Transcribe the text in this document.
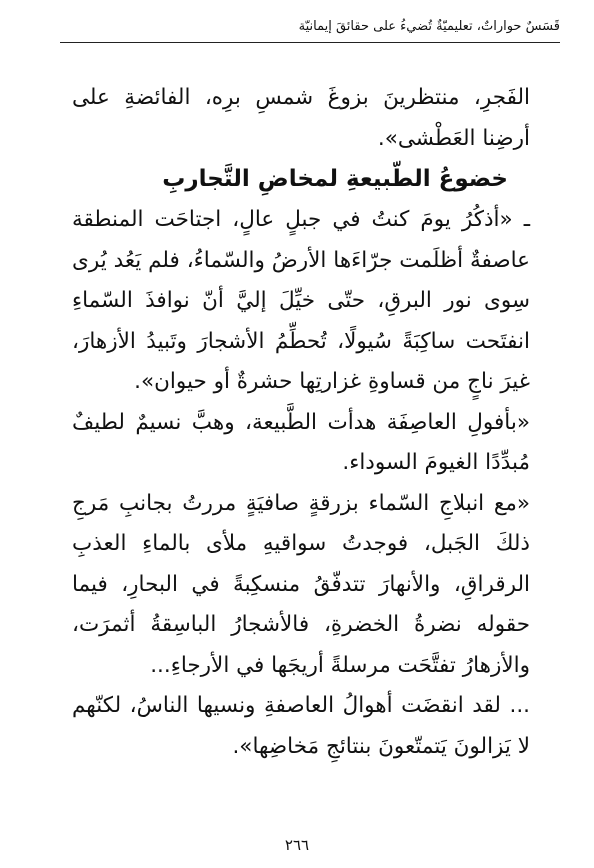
قَسَسٌ حواراتٌ، تعليميّةٌ تُضيءُ على حقائقَ إيمانيّة

الفَجرِ، منتظرينَ بزوغَ شمسِ برِه، الفائضةِ على أرضِنا العَطْشى».

خضوعُ الطّبيعةِ لمخاضِ التَّجاربِ

ـ «أذكُرُ يومَ كنتُ في جبلٍ عالٍ، اجتاحَت المنطقة عاصفةٌ أظلَمت جرّاءَها الأرضُ والسّماءُ، فلم يَعُد يُرى سِوى نور البرقِ، حتّى خيِّلَ إليَّ أنّ نوافذَ السّماءِ انفتَحت ساكِبَةً سُيولًا، تُحطِّمُ الأشجارَ وتَبيدُ الأزهارَ، غيرَ ناجٍ من قساوةِ غزارتِها حشرةٌ أو حيوان».

«بأفولِ العاصِفَة هدأت الطَّبيعة، وهبَّ نسيمٌ لطيفٌ مُبدِّدًا الغيومَ السوداء.

«مع انبلاجِ السّماء بزرقةٍ صافيَةٍ مررتُ بجانبِ مَرجِ ذلكَ الجَبل، فوجدتُ سواقيهِ ملأى بالماءِ العذبِ الرقراقِ، والأنهارَ تتدفّقُ منسكِبةً في البحارِ، فيما حقوله نضرةُ الخضرةِ، فالأشجارُ الباسِقةُ أثمرَت، والأزهارُ تفتَّحَت مرسلةً أريجَها في الأرجاءِ...

... لقد انقضَت أهوالُ العاصفةِ ونسيها الناسُ، لكنّهم لا يَزالونَ يَتمتّعونَ بنتائجِ مَخاضِها».

٢٦٦
